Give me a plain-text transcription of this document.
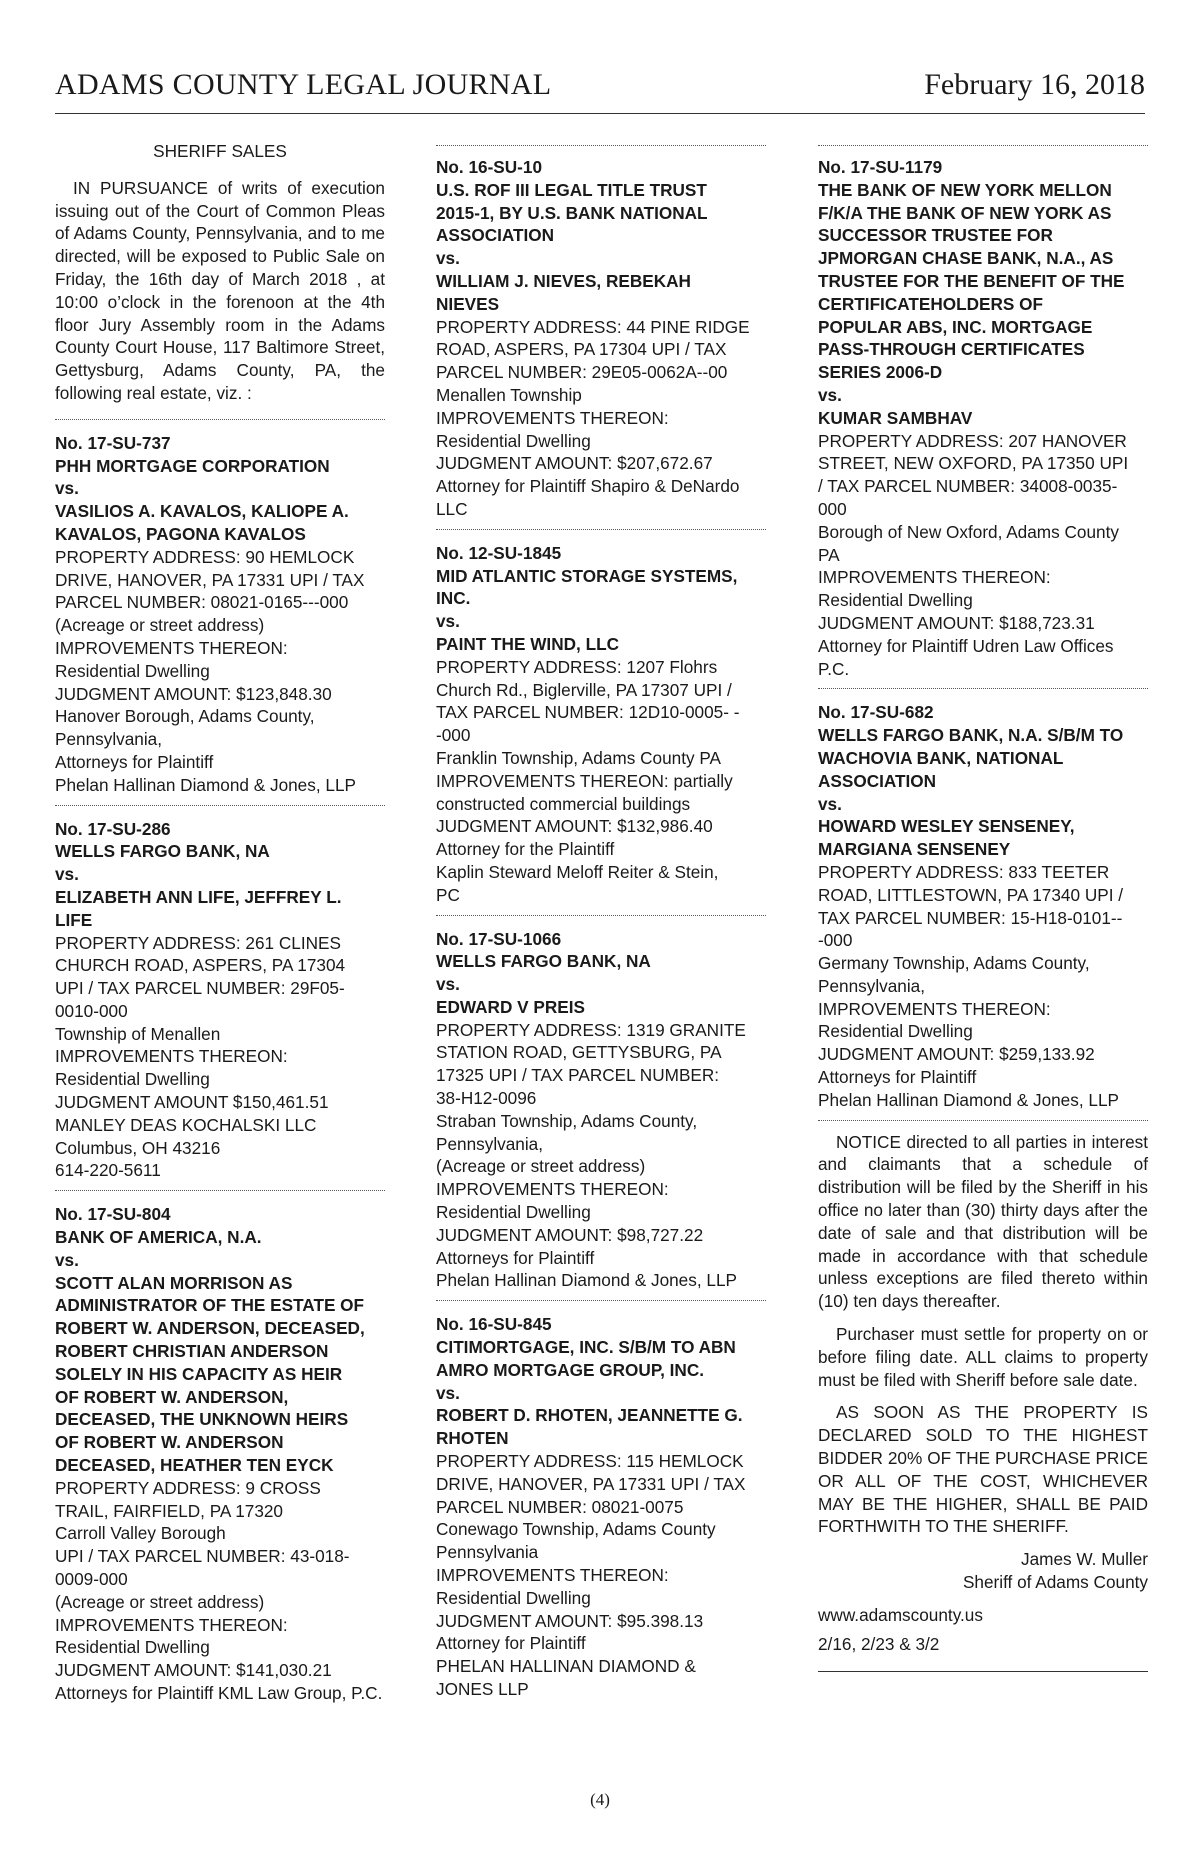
ADAMS COUNTY LEGAL JOURNAL	February 16, 2018
SHERIFF SALES
IN PURSUANCE of writs of execution issuing out of the Court of Common Pleas of Adams County, Pennsylvania, and to me directed, will be exposed to Public Sale on Friday, the 16th day of March 2018 , at 10:00 o’clock in the forenoon at the 4th floor Jury Assembly room in the Adams County Court House, 117 Baltimore Street, Gettysburg, Adams County, PA, the following real estate, viz. :
No. 17-SU-737
PHH MORTGAGE CORPORATION
vs.
VASILIOS A. KAVALOS, KALIOPE A.
KAVALOS, PAGONA KAVALOS
PROPERTY ADDRESS: 90 HEMLOCK
DRIVE, HANOVER, PA 17331 UPI / TAX
PARCEL NUMBER: 08021-0165---000
(Acreage or street address)
IMPROVEMENTS THEREON:
Residential Dwelling
JUDGMENT AMOUNT: $123,848.30
Hanover Borough, Adams County,
Pennsylvania,
Attorneys for Plaintiff
Phelan Hallinan Diamond & Jones, LLP
No. 17-SU-286
WELLS FARGO BANK, NA
vs.
ELIZABETH ANN LIFE, JEFFREY L.
LIFE
PROPERTY ADDRESS: 261 CLINES
CHURCH ROAD, ASPERS, PA 17304
UPI / TAX PARCEL NUMBER: 29F05-
0010-000
Township of Menallen
IMPROVEMENTS THEREON:
Residential Dwelling
JUDGMENT AMOUNT $150,461.51
MANLEY DEAS KOCHALSKI LLC
Columbus, OH 43216
614-220-5611
No. 17-SU-804
BANK OF AMERICA, N.A.
vs.
SCOTT ALAN MORRISON AS
ADMINISTRATOR OF THE ESTATE OF
ROBERT W. ANDERSON, DECEASED,
ROBERT CHRISTIAN ANDERSON
SOLELY IN HIS CAPACITY AS HEIR
OF ROBERT W. ANDERSON,
DECEASED, THE UNKNOWN HEIRS
OF ROBERT W. ANDERSON
DECEASED, HEATHER TEN EYCK
PROPERTY ADDRESS: 9 CROSS
TRAIL, FAIRFIELD, PA 17320
Carroll Valley Borough
UPI / TAX PARCEL NUMBER: 43-018-
0009-000
(Acreage or street address)
IMPROVEMENTS THEREON:
Residential Dwelling
JUDGMENT AMOUNT: $141,030.21
Attorneys for Plaintiff KML Law Group, P.C.
No. 16-SU-10
U.S. ROF III LEGAL TITLE TRUST
2015-1, BY U.S. BANK NATIONAL
ASSOCIATION
vs.
WILLIAM J. NIEVES, REBEKAH
NIEVES
PROPERTY ADDRESS: 44 PINE RIDGE
ROAD, ASPERS, PA 17304 UPI / TAX
PARCEL NUMBER: 29E05-0062A--00
Menallen Township
IMPROVEMENTS THEREON:
Residential Dwelling
JUDGMENT AMOUNT: $207,672.67
Attorney for Plaintiff Shapiro & DeNardo
LLC
No. 12-SU-1845
MID ATLANTIC STORAGE SYSTEMS,
INC.
vs.
PAINT THE WIND, LLC
PROPERTY ADDRESS: 1207 Flohrs
Church Rd., Biglerville, PA 17307 UPI /
TAX PARCEL NUMBER: 12D10-0005- -
-000
Franklin Township, Adams County PA
IMPROVEMENTS THEREON: partially
constructed commercial buildings
JUDGMENT AMOUNT: $132,986.40
Attorney for the Plaintiff
Kaplin Steward Meloff Reiter & Stein,
PC
No. 17-SU-1066
WELLS FARGO BANK, NA
vs.
EDWARD V PREIS
PROPERTY ADDRESS: 1319 GRANITE
STATION ROAD, GETTYSBURG, PA
17325 UPI / TAX PARCEL NUMBER:
38-H12-0096
Straban Township, Adams County,
Pennsylvania,
(Acreage or street address)
IMPROVEMENTS THEREON:
Residential Dwelling
JUDGMENT AMOUNT: $98,727.22
Attorneys for Plaintiff
Phelan Hallinan Diamond & Jones, LLP
No. 16-SU-845
CITIMORTGAGE, INC. S/B/M TO ABN
AMRO MORTGAGE GROUP, INC.
vs.
ROBERT D. RHOTEN, JEANNETTE G.
RHOTEN
PROPERTY ADDRESS: 115 HEMLOCK
DRIVE, HANOVER, PA 17331 UPI / TAX
PARCEL NUMBER: 08021-0075
Conewago Township, Adams County
Pennsylvania
IMPROVEMENTS THEREON:
Residential Dwelling
JUDGMENT AMOUNT: $95.398.13
Attorney for Plaintiff
PHELAN HALLINAN DIAMOND &
JONES LLP
No. 17-SU-1179
THE BANK OF NEW YORK MELLON
F/K/A THE BANK OF NEW YORK AS
SUCCESSOR TRUSTEE FOR
JPMORGAN CHASE BANK, N.A., AS
TRUSTEE FOR THE BENEFIT OF THE
CERTIFICATEHOLDERS OF
POPULAR ABS, INC. MORTGAGE
PASS-THROUGH CERTIFICATES
SERIES 2006-D
vs.
KUMAR SAMBHAV
PROPERTY ADDRESS: 207 HANOVER
STREET, NEW OXFORD, PA 17350 UPI
/ TAX PARCEL NUMBER: 34008-0035-
000
Borough of New Oxford, Adams County
PA
IMPROVEMENTS THEREON:
Residential Dwelling
JUDGMENT AMOUNT: $188,723.31
Attorney for Plaintiff Udren Law Offices
P.C.
No. 17-SU-682
WELLS FARGO BANK, N.A. S/B/M TO
WACHOVIA BANK, NATIONAL
ASSOCIATION
vs.
HOWARD WESLEY SENSENEY,
MARGIANA SENSENEY
PROPERTY ADDRESS: 833 TEETER
ROAD, LITTLESTOWN, PA 17340 UPI /
TAX PARCEL NUMBER: 15-H18-0101--
-000
Germany Township, Adams County,
Pennsylvania,
IMPROVEMENTS THEREON:
Residential Dwelling
JUDGMENT AMOUNT: $259,133.92
Attorneys for Plaintiff
Phelan Hallinan Diamond & Jones, LLP

NOTICE directed to all parties in interest and claimants that a schedule of distribution will be filed by the Sheriff in his office no later than (30) thirty days after the date of sale and that distribution will be made in accordance with that schedule unless exceptions are filed thereto within (10) ten days thereafter.

Purchaser must settle for property on or before filing date. ALL claims to property must be filed with Sheriff before sale date.

AS SOON AS THE PROPERTY IS DECLARED SOLD TO THE HIGHEST BIDDER 20% OF THE PURCHASE PRICE OR ALL OF THE COST, WHICHEVER MAY BE THE HIGHER, SHALL BE PAID FORTHWITH TO THE SHERIFF.

James W. Muller
Sheriff of Adams County
www.adamscounty.us
2/16, 2/23 & 3/2
(4)
